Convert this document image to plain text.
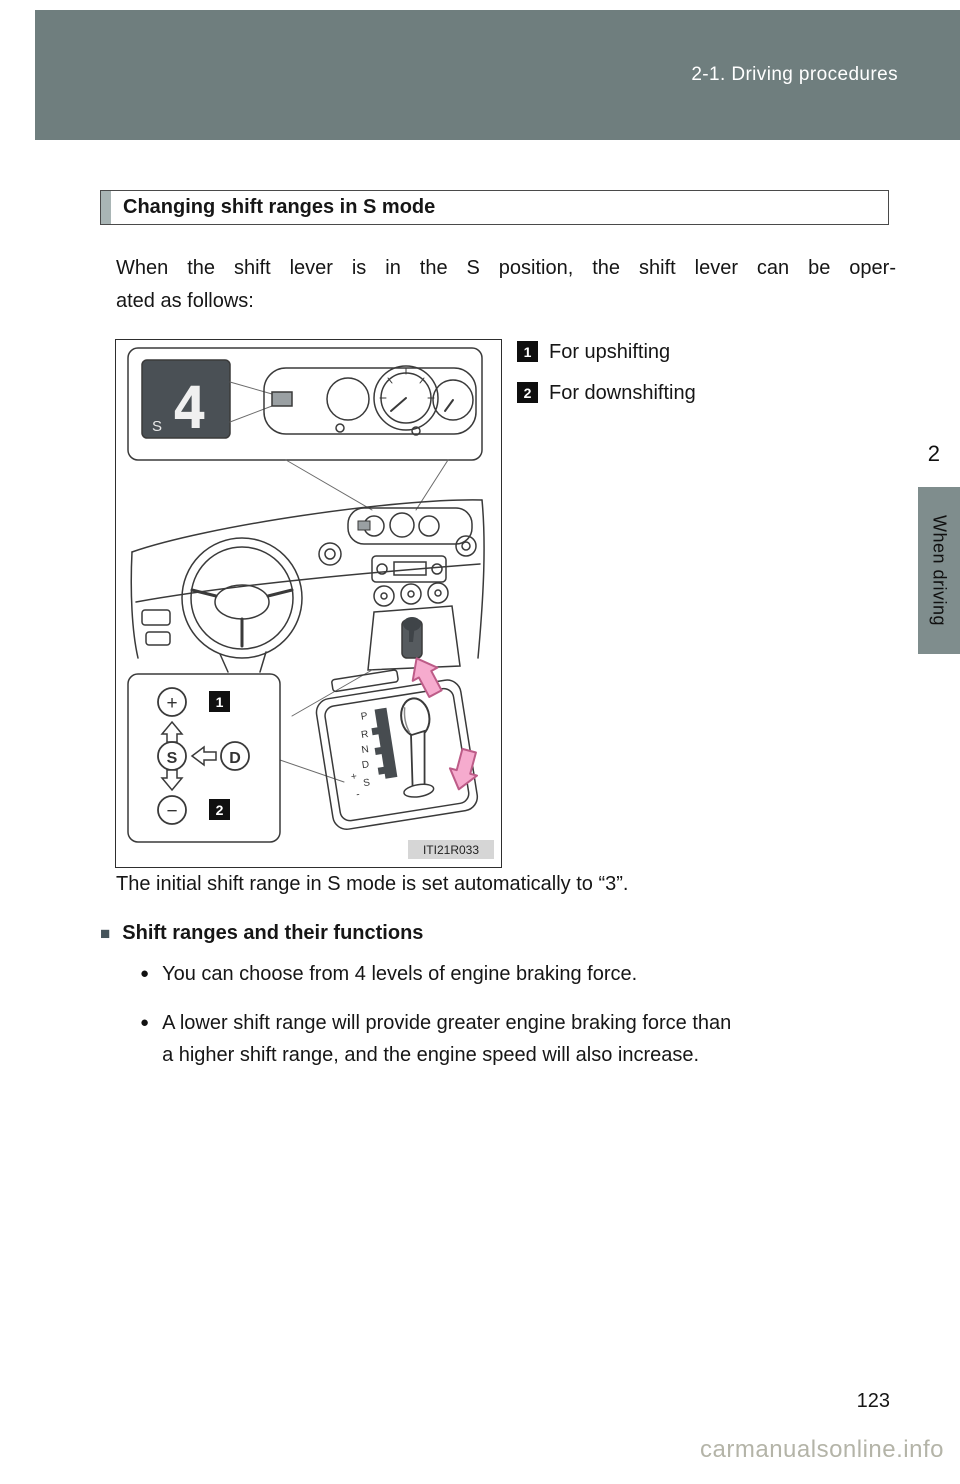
2-1. Driving procedures
2
When driving
Changing shift ranges in S mode

When the shift lever is in the S position, the shift lever can be oper-
ated as follows:

1 For upshifting
2 For downshifting
S 4
+	1
S	D
−	2
P
R
N
D
S
+
-
ITI21R033

The initial shift range in S mode is set automatically to “3”.

■ Shift ranges and their functions
● You can choose from 4 levels of engine braking force.
● A lower shift range will provide greater engine braking force than
a higher shift range, and the engine speed will also increase.
123
carmanualsonline.info
